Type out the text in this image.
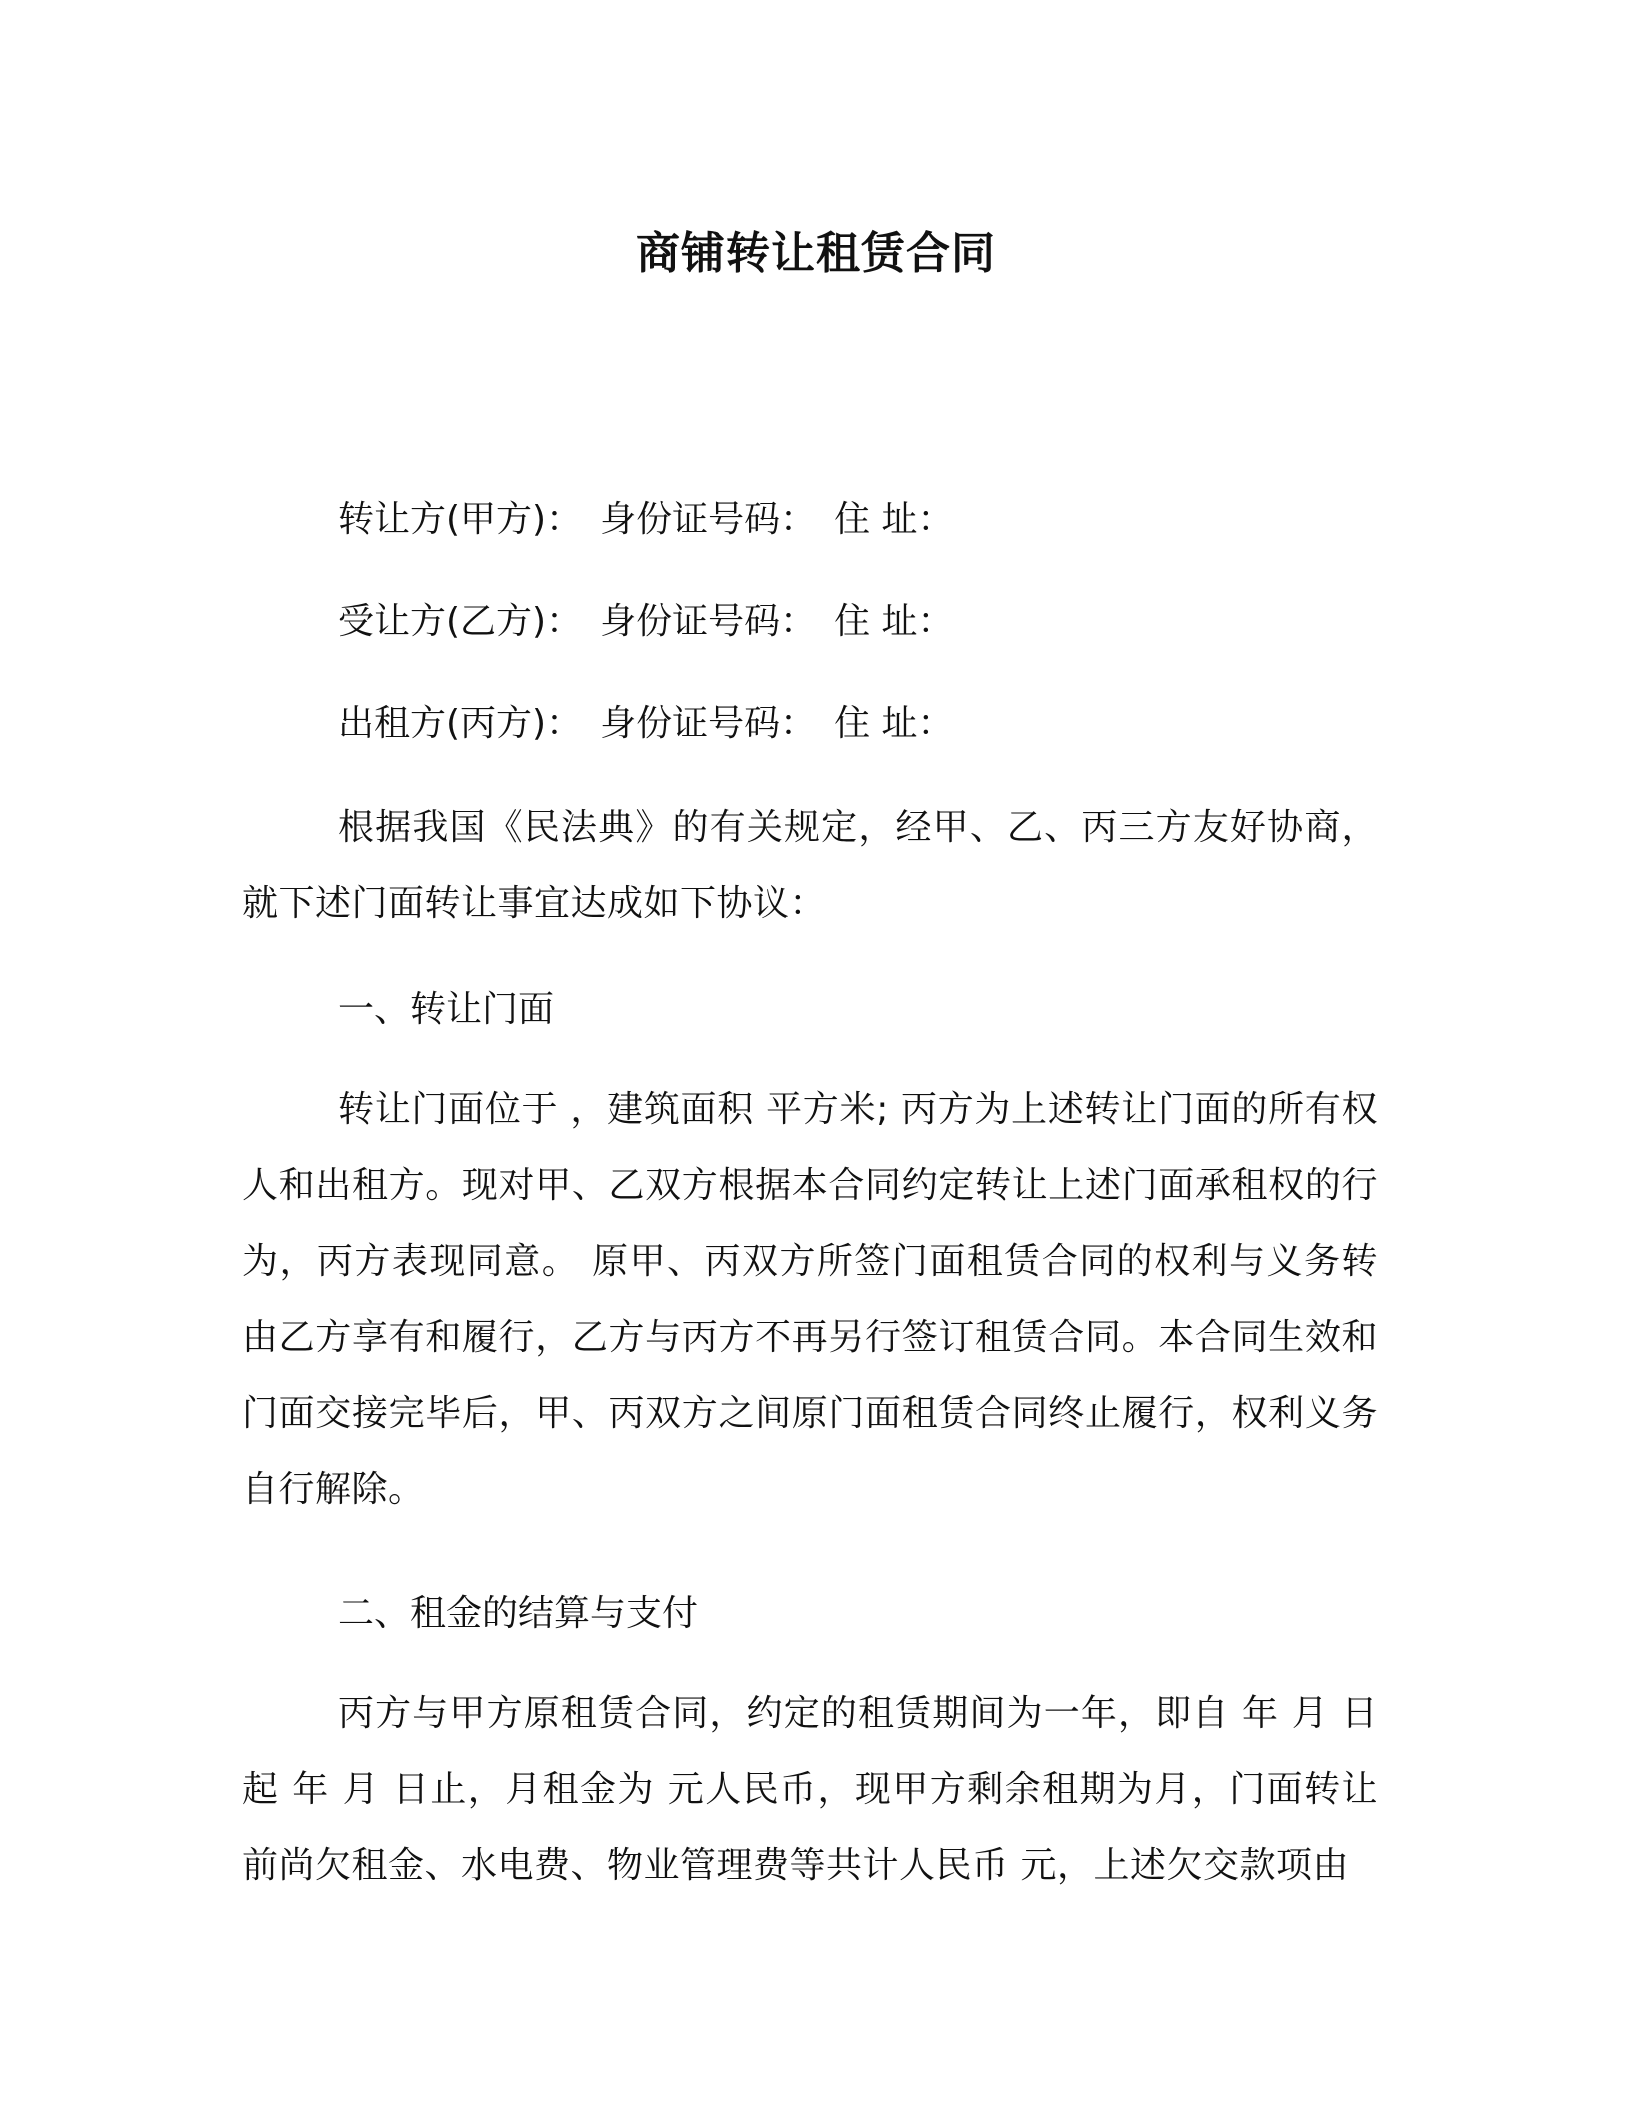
商铺转让租赁合同
转让方(甲方)： 身份证号码： 住 址：
受让方(乙方)： 身份证号码： 住 址：
出租方(丙方)： 身份证号码： 住 址：

根据我国《民法典》的有关规定，经甲、乙、丙三方友好协商，就下述门面转让事宜达成如下协议：

一、转让门面

转让门面位于 ，建筑面积 平方米; 丙方为上述转让门面的所有权人和出租方。现对甲、乙双方根据本合同约定转让上述门面承租权的行为，丙方表现同意。 原甲、丙双方所签门面租赁合同的权利与义务转由乙方享有和履行，乙方与丙方不再另行签订租赁合同。本合同生效和门面交接完毕后，甲、丙双方之间原门面租赁合同终止履行，权利义务自行解除。

二、租金的结算与支付

丙方与甲方原租赁合同，约定的租赁期间为一年，即自 年 月 日起 年 月 日止，月租金为 元人民币，现甲方剩余租期为月，门面转让前尚欠租金、水电费、物业管理费等共计人民币 元，上述欠交款项由
